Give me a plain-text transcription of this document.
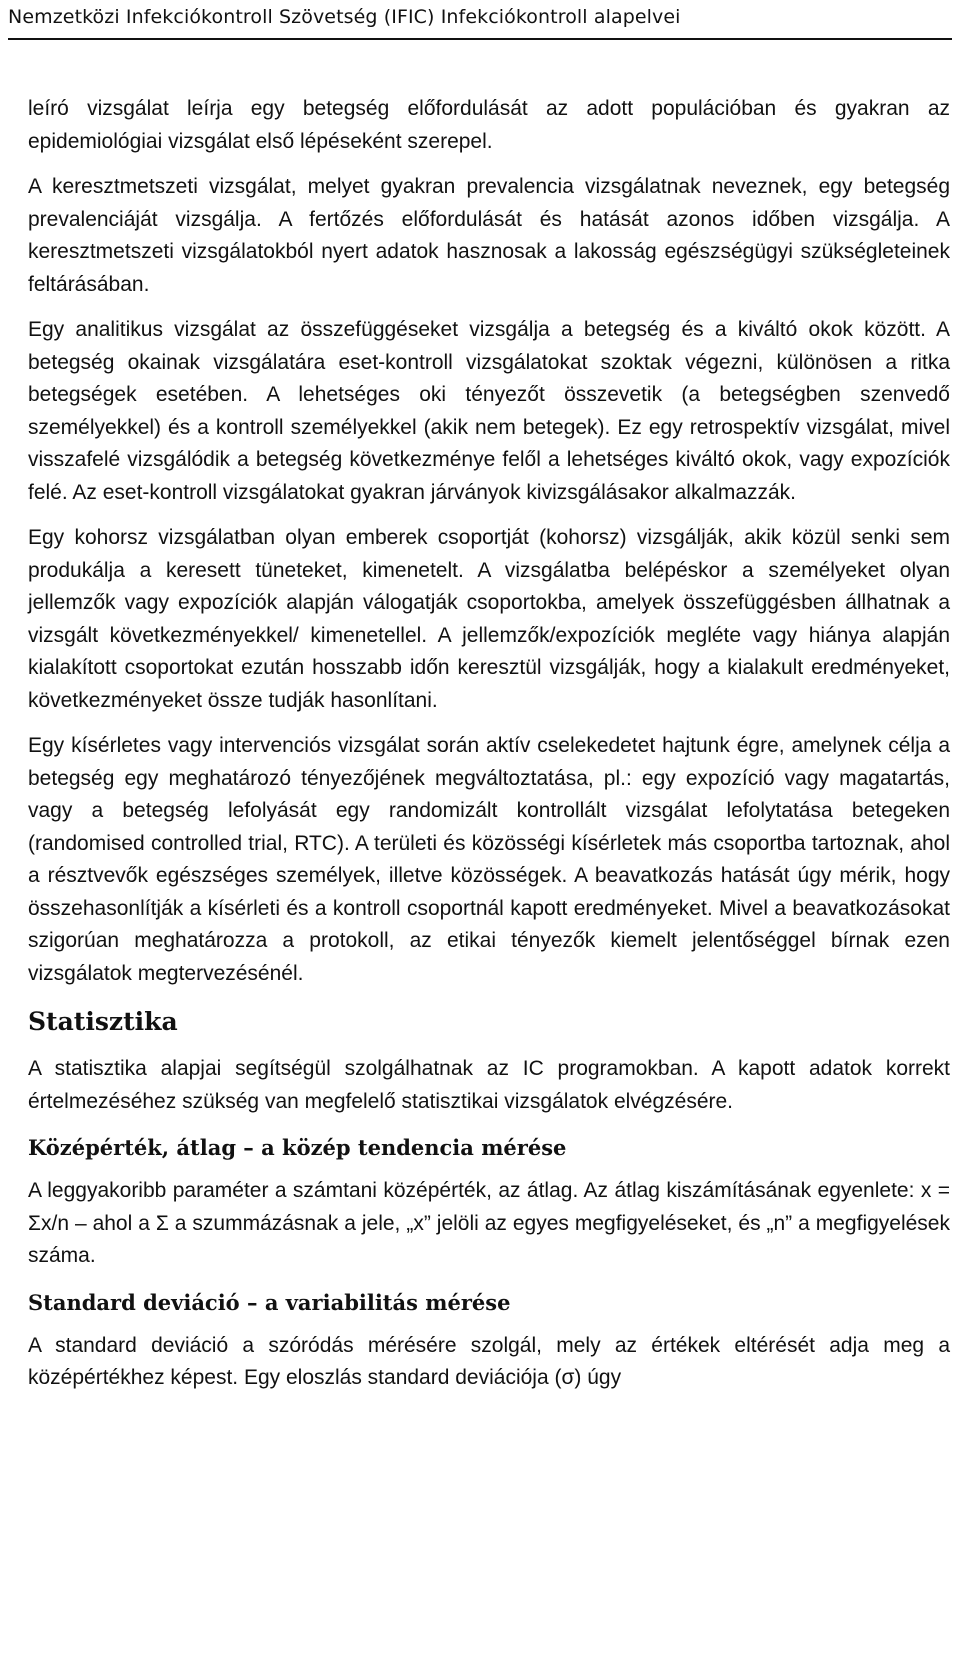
Nemzetközi Infekciókontroll Szövetség (IFIC) Infekciókontroll alapelvei

leíró vizsgálat leírja egy betegség előfordulását az adott populációban és gyakran az epidemiológiai vizsgálat első lépéseként szerepel.

A keresztmetszeti vizsgálat, melyet gyakran prevalencia vizsgálatnak neveznek, egy betegség prevalenciáját vizsgálja. A fertőzés előfordulását és hatását azonos időben vizsgálja. A keresztmetszeti vizsgálatokból nyert adatok hasznosak a lakosság egészségügyi szükségleteinek feltárásában.

Egy analitikus vizsgálat az összefüggéseket vizsgálja a betegség és a kiváltó okok között. A betegség okainak vizsgálatára eset-kontroll vizsgálatokat szoktak végezni, különösen a ritka betegségek esetében. A lehetséges oki tényezőt összevetik (a betegségben szenvedő személyekkel) és a kontroll személyekkel (akik nem betegek). Ez egy retrospektív vizsgálat, mivel visszafelé vizsgálódik a betegség következménye felől a lehetséges kiváltó okok, vagy expozíciók felé. Az eset-kontroll vizsgálatokat gyakran járványok kivizsgálásakor alkalmazzák.

Egy kohorsz vizsgálatban olyan emberek csoportját (kohorsz) vizsgálják, akik közül senki sem produkálja a keresett tüneteket, kimenetelt. A vizsgálatba belépéskor a személyeket olyan jellemzők vagy expozíciók alapján válogatják csoportokba, amelyek összefüggésben állhatnak a vizsgált következményekkel/ kimenetellel. A jellemzők/expozíciók megléte vagy hiánya alapján kialakított csoportokat ezután hosszabb időn keresztül vizsgálják, hogy a kialakult eredményeket, következményeket össze tudják hasonlítani.

Egy kísérletes vagy intervenciós vizsgálat során aktív cselekedetet hajtunk égre, amelynek célja a betegség egy meghatározó tényezőjének megváltoztatása, pl.: egy expozíció vagy magatartás, vagy a betegség lefolyását egy randomizált kontrollált vizsgálat lefolytatása betegeken (randomised controlled trial, RTC). A területi és közösségi kísérletek más csoportba tartoznak, ahol a résztvevők egészséges személyek, illetve közösségek. A beavatkozás hatását úgy mérik, hogy összehasonlítják a kísérleti és a kontroll csoportnál kapott eredményeket. Mivel a beavatkozásokat szigorúan meghatározza a protokoll, az etikai tényezők kiemelt jelentőséggel bírnak ezen vizsgálatok megtervezésénél.

Statisztika

A statisztika alapjai segítségül szolgálhatnak az IC programokban. A kapott adatok korrekt értelmezéséhez szükség van megfelelő statisztikai vizsgálatok elvégzésére.

Középérték, átlag – a közép tendencia mérése

A leggyakoribb paraméter a számtani középérték, az átlag. Az átlag kiszámításának egyenlete: x = Σx/n – ahol a Σ a szummázásnak a jele, „x” jelöli az egyes megfigyeléseket, és „n” a megfigyelések száma.

Standard deviáció – a variabilitás mérése

A standard deviáció a szóródás mérésére szolgál, mely az értékek eltérését adja meg a középértékhez képest. Egy eloszlás standard deviációja (σ) úgy
